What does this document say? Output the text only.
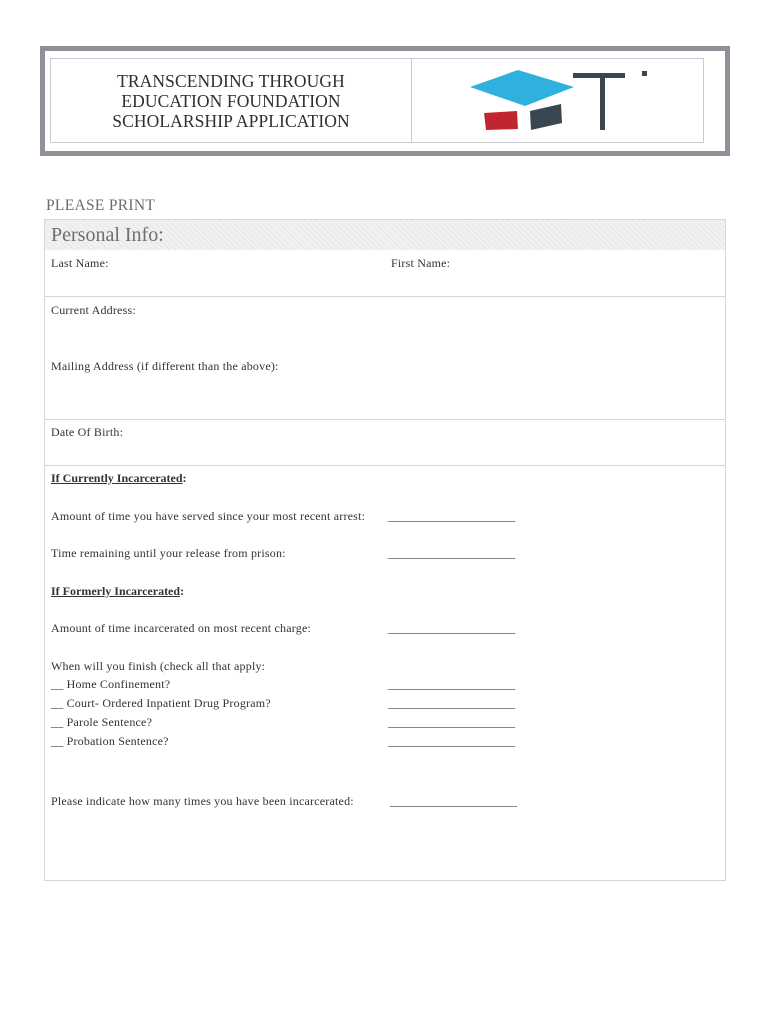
TRANSCENDING THROUGH
EDUCATION FOUNDATION
SCHOLARSHIP APPLICATION
PLEASE PRINT
Personal Info:
Last Name:	First Name:
Current Address:
Mailing Address (if different than the above):
Date Of Birth:
If Currently Incarcerated:
Amount of time you have served since your most recent arrest: _______________________
Time remaining until your release from prison:	_______________________
If Formerly Incarcerated:
Amount of time incarcerated on most recent charge:	_______________________
When will you finish (check all that apply:
__ Home Confinement?	_______________________
__ Court- Ordered Inpatient Drug Program?	_______________________
__ Parole Sentence?	_______________________
__ Probation Sentence?	_______________________
Please indicate how many times you have been incarcerated:	_______________________
